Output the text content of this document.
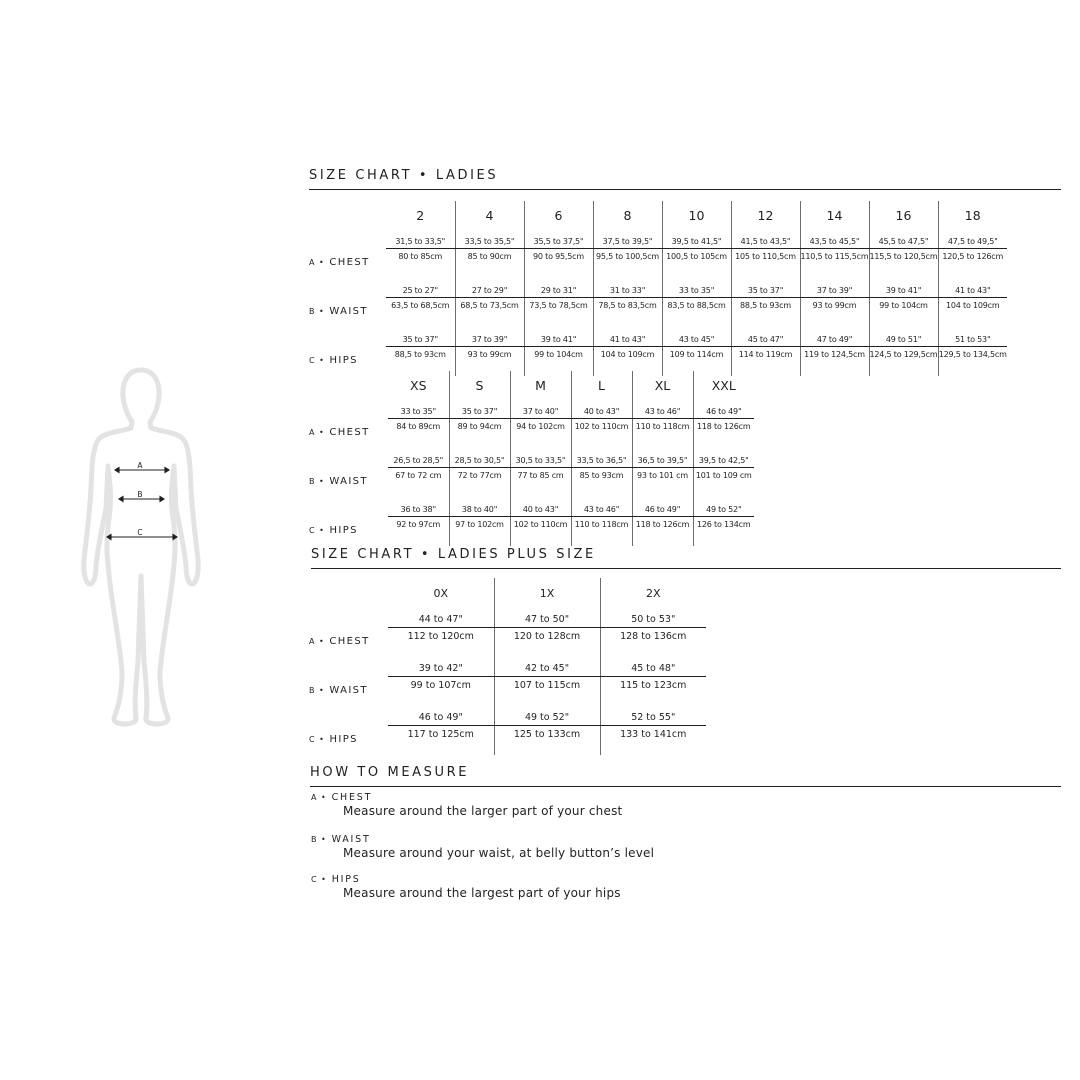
A
B
C
SIZE CHART • LADIES
	2	4	6	8	10	12	14	16	18
A • CHEST	31,5 to 33,5"	33,5 to 35,5"	35,5 to 37,5"	37,5 to 39,5"	39,5 to 41,5"	41,5 to 43,5"	43,5 to 45,5"	45,5 to 47,5"	47,5 to 49,5"
	80 to 85cm	85 to 90cm	90 to 95,5cm	95,5 to 100,5cm	100,5 to 105cm	105 to 110,5cm	110,5 to 115,5cm	115,5 to 120,5cm	120,5 to 126cm
B • WAIST	25 to 27"	27 to 29"	29 to 31"	31 to 33"	33 to 35"	35 to 37"	37 to 39"	39 to 41"	41 to 43"
	63,5 to 68,5cm	68,5 to 73,5cm	73,5 to 78,5cm	78,5 to 83,5cm	83,5 to 88,5cm	88,5 to 93cm	93 to 99cm	99 to 104cm	104 to 109cm
C • HIPS	35 to 37"	37 to 39"	39 to 41"	41 to 43"	43 to 45"	45 to 47"	47 to 49"	49 to 51"	51 to 53"
	88,5 to 93cm	93 to 99cm	99 to 104cm	104 to 109cm	109 to 114cm	114 to 119cm	119 to 124,5cm	124,5 to 129,5cm	129,5 to 134,5cm
	XS	S	M	L	XL	XXL
A • CHEST	33 to 35"	35 to 37"	37 to 40"	40 to 43"	43 to 46"	46 to 49"
	84 to 89cm	89 to 94cm	94 to 102cm	102 to 110cm	110 to 118cm	118 to 126cm
B • WAIST	26,5 to 28,5"	28,5 to 30,5"	30,5 to 33,5"	33,5 to 36,5"	36,5 to 39,5"	39,5 to 42,5"
	67 to 72 cm	72 to 77cm	77 to 85 cm	85 to 93cm	93 to 101 cm	101 to 109 cm
C • HIPS	36 to 38"	38 to 40"	40 to 43"	43 to 46"	46 to 49"	49 to 52"
	92 to 97cm	97 to 102cm	102 to 110cm	110 to 118cm	118 to 126cm	126 to 134cm
SIZE CHART • LADIES PLUS SIZE
	0X	1X	2X
A • CHEST	44 to 47"	47 to 50"	50 to 53"
	112 to 120cm	120 to 128cm	128 to 136cm
B • WAIST	39 to 42"	42 to 45"	45 to 48"
	99 to 107cm	107 to 115cm	115 to 123cm
C • HIPS	46 to 49"	49 to 52"	52 to 55"
	117 to 125cm	125 to 133cm	133 to 141cm
HOW TO MEASURE
A • CHEST
Measure around the larger part of your chest
B • WAIST
Measure around your waist, at belly button’s level
C • HIPS
Measure around the largest part of your hips
